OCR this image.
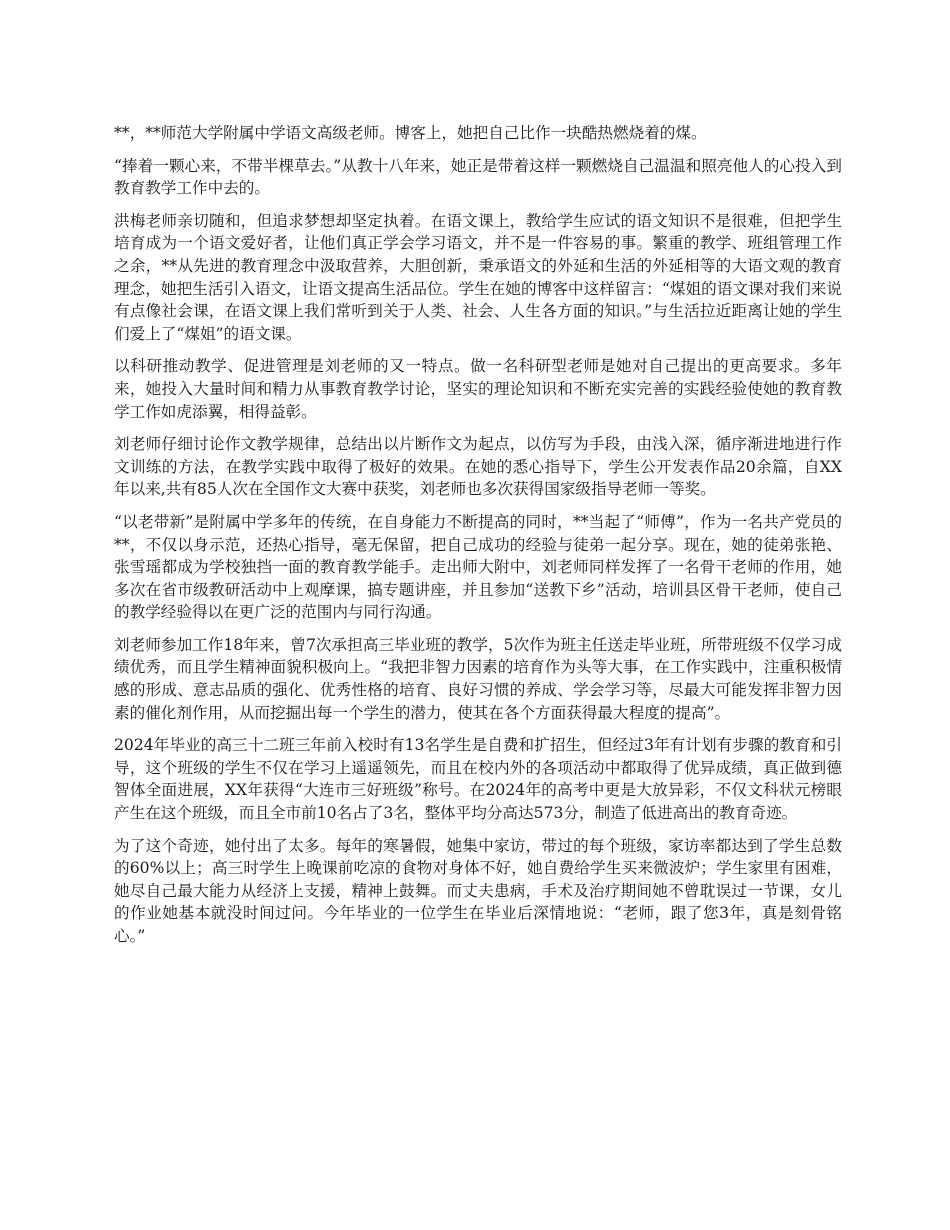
**，**师范大学附属中学语文高级老师。博客上，她把自己比作一块酷热燃烧着的煤。

“捧着一颗心来，不带半棵草去。”从教十八年来，她正是带着这样一颗燃烧自己温温和照亮他人的心投入到教育教学工作中去的。

洪梅老师亲切随和，但追求梦想却坚定执着。在语文课上，教给学生应试的语文知识不是很难，但把学生培育成为一个语文爱好者，让他们真正学会学习语文，并不是一件容易的事。繁重的教学、班组管理工作之余，**从先进的教育理念中汲取营养，大胆创新，秉承语文的外延和生活的外延相等的大语文观的教育理念，她把生活引入语文，让语文提高生活品位。学生在她的博客中这样留言：“煤姐的语文课对我们来说有点像社会课，在语文课上我们常听到关于人类、社会、人生各方面的知识。”与生活拉近距离让她的学生们爱上了“煤姐”的语文课。

以科研推动教学、促进管理是刘老师的又一特点。做一名科研型老师是她对自己提出的更高要求。多年来，她投入大量时间和精力从事教育教学讨论，坚实的理论知识和不断充实完善的实践经验使她的教育教学工作如虎添翼，相得益彰。

刘老师仔细讨论作文教学规律，总结出以片断作文为起点，以仿写为手段，由浅入深，循序渐进地进行作文训练的方法，在教学实践中取得了极好的效果。在她的悉心指导下，学生公开发表作品20余篇，自XX年以来,共有85人次在全国作文大赛中获奖，刘老师也多次获得国家级指导老师一等奖。

“以老带新”是附属中学多年的传统，在自身能力不断提高的同时，**当起了“师傅”，作为一名共产党员的**，不仅以身示范，还热心指导，毫无保留，把自己成功的经验与徒弟一起分享。现在，她的徒弟张艳、张雪瑶都成为学校独挡一面的教育教学能手。走出师大附中，刘老师同样发挥了一名骨干老师的作用，她多次在省市级教研活动中上观摩课，搞专题讲座，并且参加“送教下乡”活动，培训县区骨干老师，使自己的教学经验得以在更广泛的范围内与同行沟通。

刘老师参加工作18年来，曾7次承担高三毕业班的教学，5次作为班主任送走毕业班，所带班级不仅学习成绩优秀，而且学生精神面貌积极向上。“我把非智力因素的培育作为头等大事，在工作实践中，注重积极情感的形成、意志品质的强化、优秀性格的培育、良好习惯的养成、学会学习等，尽最大可能发挥非智力因素的催化剂作用，从而挖掘出每一个学生的潜力，使其在各个方面获得最大程度的提高”。

2024年毕业的高三十二班三年前入校时有13名学生是自费和扩招生，但经过3年有计划有步骤的教育和引导，这个班级的学生不仅在学习上遥遥领先，而且在校内外的各项活动中都取得了优异成绩，真正做到德智体全面进展，XX年获得“大连市三好班级”称号。在2024年的高考中更是大放异彩，不仅文科状元榜眼产生在这个班级，而且全市前10名占了3名，整体平均分高达573分，制造了低进高出的教育奇迹。

为了这个奇迹，她付出了太多。每年的寒暑假，她集中家访，带过的每个班级，家访率都达到了学生总数的60%以上；高三时学生上晚课前吃凉的食物对身体不好，她自费给学生买来微波炉；学生家里有困难，她尽自己最大能力从经济上支援，精神上鼓舞。而丈夫患病，手术及治疗期间她不曾耽误过一节课，女儿的作业她基本就没时间过问。今年毕业的一位学生在毕业后深情地说：“老师，跟了您3年，真是刻骨铭心。”
